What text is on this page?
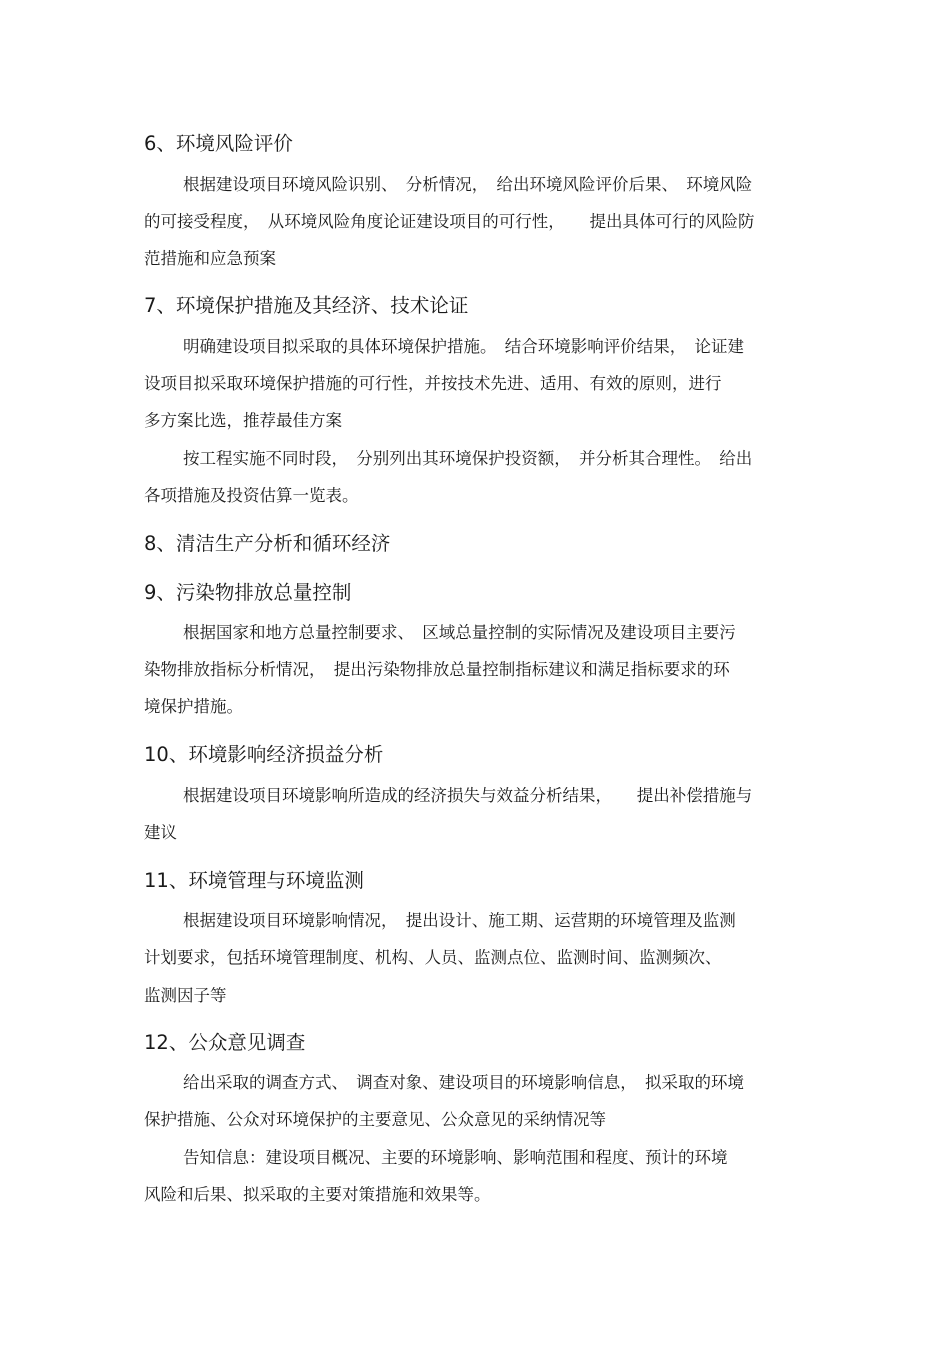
6、环境风险评价
根据建设项目环境风险识别、　分析情况，　给出环境风险评价后果、　环境风险
的可接受程度，　从环境风险角度论证建设项目的可行性，　　提出具体可行的风险防
范措施和应急预案
7、环境保护措施及其经济、技术论证
明确建设项目拟采取的具体环境保护措施。　结合环境影响评价结果，　论证建
设项目拟采取环境保护措施的可行性，并按技术先进、适用、有效的原则，进行
多方案比选，推荐最佳方案
按工程实施不同时段，　分别列出其环境保护投资额，　并分析其合理性。　给出
各项措施及投资估算一览表。
8、清洁生产分析和循环经济
9、污染物排放总量控制
根据国家和地方总量控制要求、　区域总量控制的实际情况及建设项目主要污
染物排放指标分析情况，　提出污染物排放总量控制指标建议和满足指标要求的环
境保护措施。
10、环境影响经济损益分析
根据建设项目环境影响所造成的经济损失与效益分析结果，　　提出补偿措施与
建议
11、环境管理与环境监测
根据建设项目环境影响情况，　提出设计、施工期、运营期的环境管理及监测
计划要求，包括环境管理制度、机构、人员、监测点位、监测时间、监测频次、
监测因子等
12、公众意见调查
给出采取的调查方式、　调查对象、建设项目的环境影响信息，　拟采取的环境
保护措施、公众对环境保护的主要意见、公众意见的采纳情况等
告知信息：建设项目概况、主要的环境影响、影响范围和程度、预计的环境
风险和后果、拟采取的主要对策措施和效果等。
